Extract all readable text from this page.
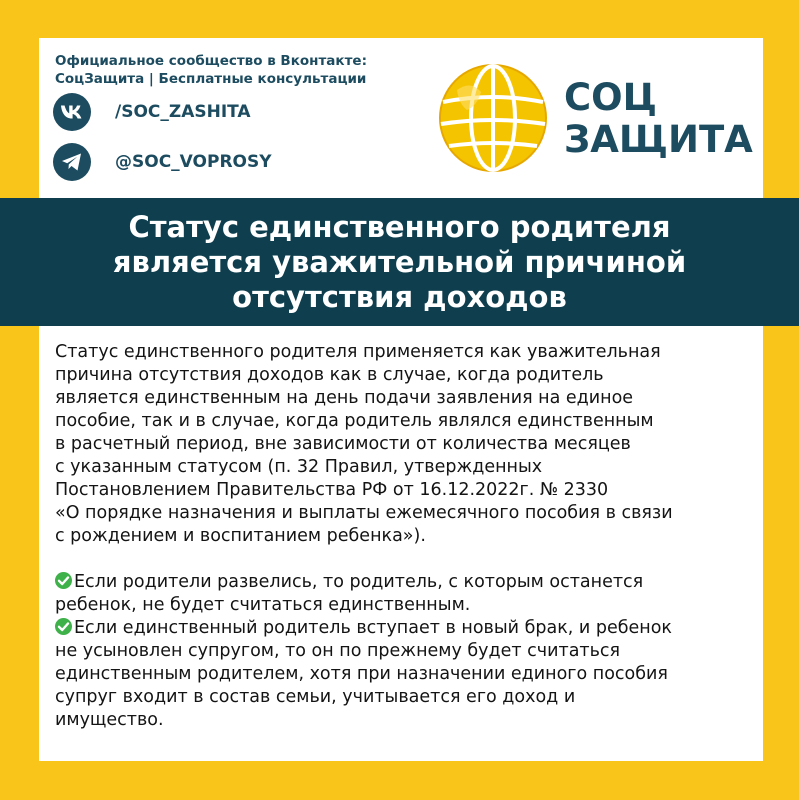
Официальное сообщество в Вконтакте:
СоцЗащита | Бесплатные консультации
/SOC_ZASHITA
@SOC_VOPROSY
СОЦ
ЗАЩИТА
Статус единственного родителя
является уважительной причиной
отсутствия доходов
Статус единственного родителя применяется как уважительная
причина отсутствия доходов как в случае, когда родитель
является единственным на день подачи заявления на единое
пособие, так и в случае, когда родитель являлся единственным
в расчетный период, вне зависимости от количества месяцев
с указанным статусом (п. 32 Правил, утвержденных
Постановлением Правительства РФ от 16.12.2022г. № 2330
«О порядке назначения и выплаты ежемесячного пособия в связи
с рождением и воспитанием ребенка»).
Если родители развелись, то родитель, с которым останется
ребенок, не будет считаться единственным.
Если единственный родитель вступает в новый брак, и ребенок
не усыновлен супругом, то он по прежнему будет считаться
единственным родителем, хотя при назначении единого пособия
супруг входит в состав семьи, учитывается его доход и
имущество.
